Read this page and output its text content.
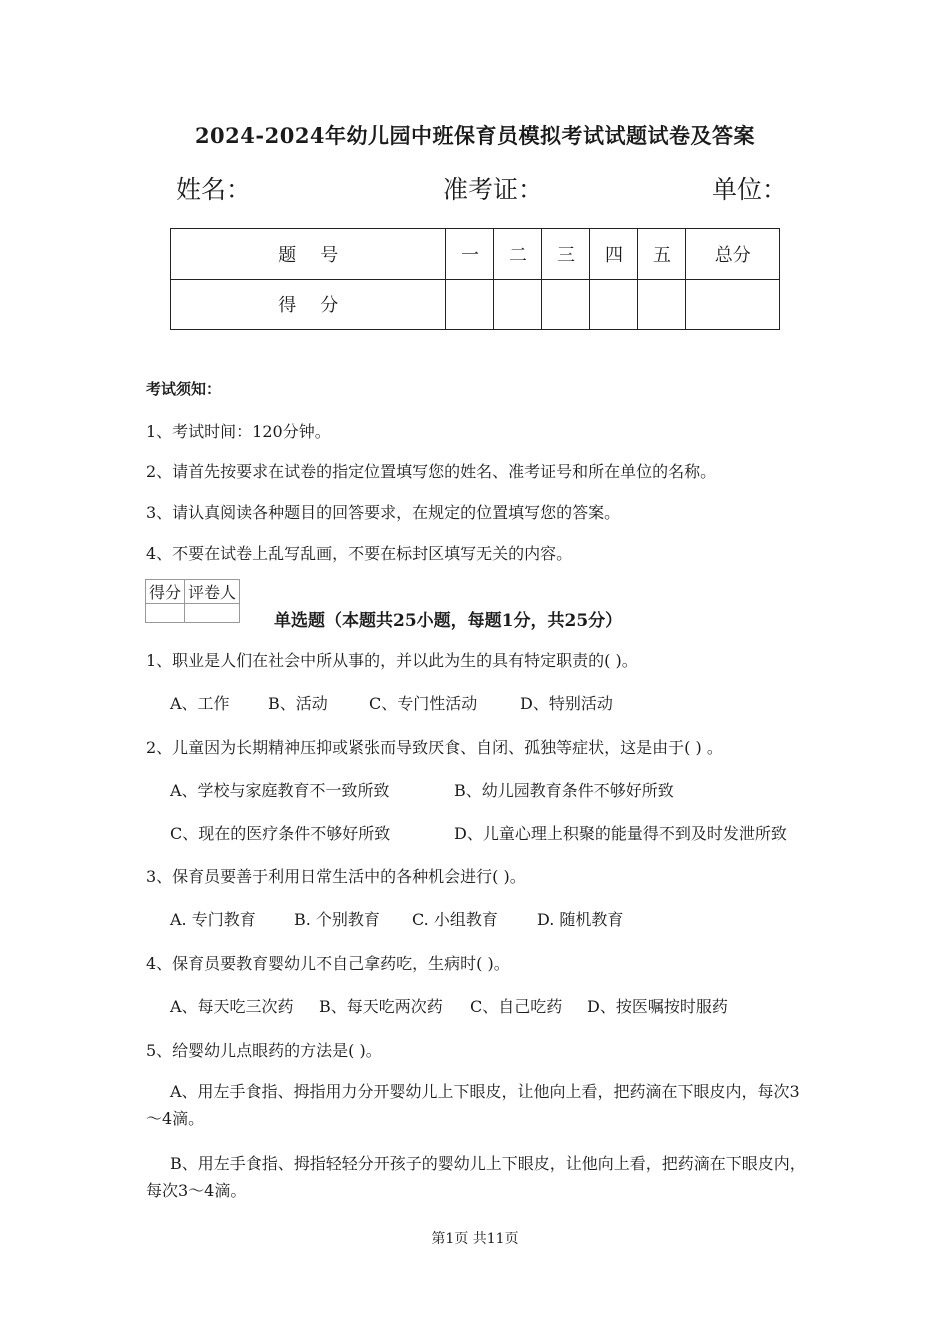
2024-2024年幼儿园中班保育员模拟考试试题试卷及答案
姓名：	准考证：	单位：
题号	一	二	三	四	五	总分
得分						
考试须知：
1、考试时间：120分钟。
2、请首先按要求在试卷的指定位置填写您的姓名、准考证号和所在单位的名称。
3、请认真阅读各种题目的回答要求，在规定的位置填写您的答案。
4、不要在试卷上乱写乱画，不要在标封区填写无关的内容。
得分	评卷人

单选题（本题共25小题，每题1分，共25分）
1、职业是人们在社会中所从事的，并以此为生的具有特定职责的( )。
A、工作 B、活动	C、专门性活动	D、特别活动
2、儿童因为长期精神压抑或紧张而导致厌食、自闭、孤独等症状，这是由于( ) 。
A、学校与家庭教育不一致所致	B、幼儿园教育条件不够好所致
C、现在的医疗条件不够好所致	D、儿童心理上积聚的能量得不到及时发泄所致
3、保育员要善于利用日常生活中的各种机会进行( )。
A. 专门教育 B. 个别教育 C. 小组教育 D. 随机教育
4、保育员要教育婴幼儿不自己拿药吃，生病时( )。
A、每天吃三次药 B、每天吃两次药 C、自己吃药 D、按医嘱按时服药
5、给婴幼儿点眼药的方法是( )。
A、用左手食指、拇指用力分开婴幼儿上下眼皮，让他向上看，把药滴在下眼皮内，每次3～4滴。
B、用左手食指、拇指轻轻分开孩子的婴幼儿上下眼皮，让他向上看，把药滴在下眼皮内，每次3～4滴。
第1页 共11页
